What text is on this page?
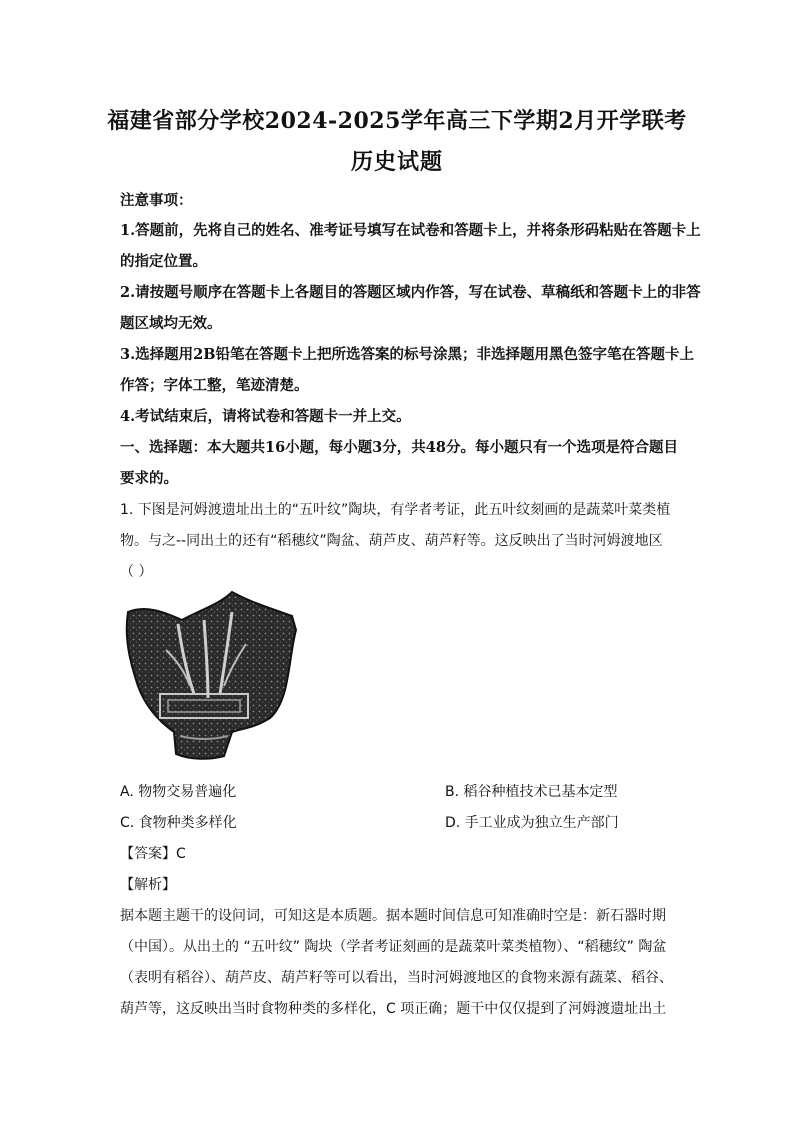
福建省部分学校2024-2025学年高三下学期2月开学联考
历史试题
注意事项：
1.答题前，先将自己的姓名、准考证号填写在试卷和答题卡上，并将条形码粘贴在答题卡上
的指定位置。
2.请按题号顺序在答题卡上各题目的答题区域内作答，写在试卷、草稿纸和答题卡上的非答
题区域均无效。
3.选择题用2B铅笔在答题卡上把所选答案的标号涂黑；非选择题用黑色签字笔在答题卡上
作答；字体工整，笔迹清楚。
4.考试结束后，请将试卷和答题卡一并上交。
一、选择题：本大题共16小题，每小题3分，共48分。每小题只有一个选项是符合题目
要求的。
1. 下图是河姆渡遗址出土的“五叶纹”陶块，有学者考证，此五叶纹刻画的是蔬菜叶菜类植
物。与之--同出土的还有“稻穗纹”陶盆、葫芦皮、葫芦籽等。这反映出了当时河姆渡地区
（ ）
A. 物物交易普遍化	B. 稻谷种植技术已基本定型
C. 食物种类多样化	D. 手工业成为独立生产部门
【答案】C
【解析】
据本题主题干的设问词，可知这是本质题。据本题时间信息可知准确时空是：新石器时期
（中国）。从出土的 “五叶纹” 陶块（学者考证刻画的是蔬菜叶菜类植物）、“稻穗纹” 陶盆
（表明有稻谷）、葫芦皮、葫芦籽等可以看出，当时河姆渡地区的食物来源有蔬菜、稻谷、
葫芦等，这反映出当时食物种类的多样化，C 项正确；题干中仅仅提到了河姆渡遗址出土
